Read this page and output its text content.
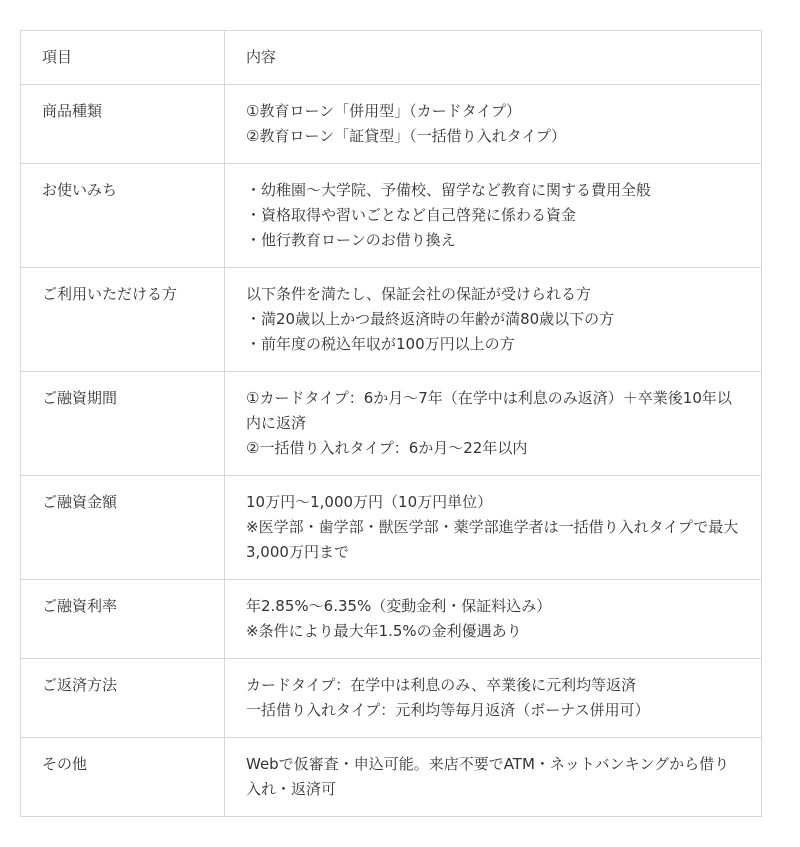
項目	内容
商品種類	①教育ローン「併用型」（カードタイプ）
②教育ローン「証貸型」（一括借り入れタイプ）

お使いみち	・幼稚園〜大学院、予備校、留学など教育に関する費用全般
・資格取得や習いごとなど自己啓発に係わる資金
・他行教育ローンのお借り換え

ご利用いただける方	以下条件を満たし、保証会社の保証が受けられる方
・満20歳以上かつ最終返済時の年齢が満80歳以下の方
・前年度の税込年収が100万円以上の方

ご融資期間	①カードタイプ：6か月〜7年（在学中は利息のみ返済）＋卒業後10年以内に返済
②一括借り入れタイプ：6か月〜22年以内

ご融資金額	10万円〜1,000万円（10万円単位）
※医学部・歯学部・獣医学部・薬学部進学者は一括借り入れタイプで最大3,000万円まで

ご融資利率	年2.85%〜6.35%（変動金利・保証料込み）
※条件により最大年1.5%の金利優遇あり

ご返済方法	カードタイプ：在学中は利息のみ、卒業後に元利均等返済
一括借り入れタイプ：元利均等毎月返済（ボーナス併用可）

その他	Webで仮審査・申込可能。来店不要でATM・ネットバンキングから借り入れ・返済可
